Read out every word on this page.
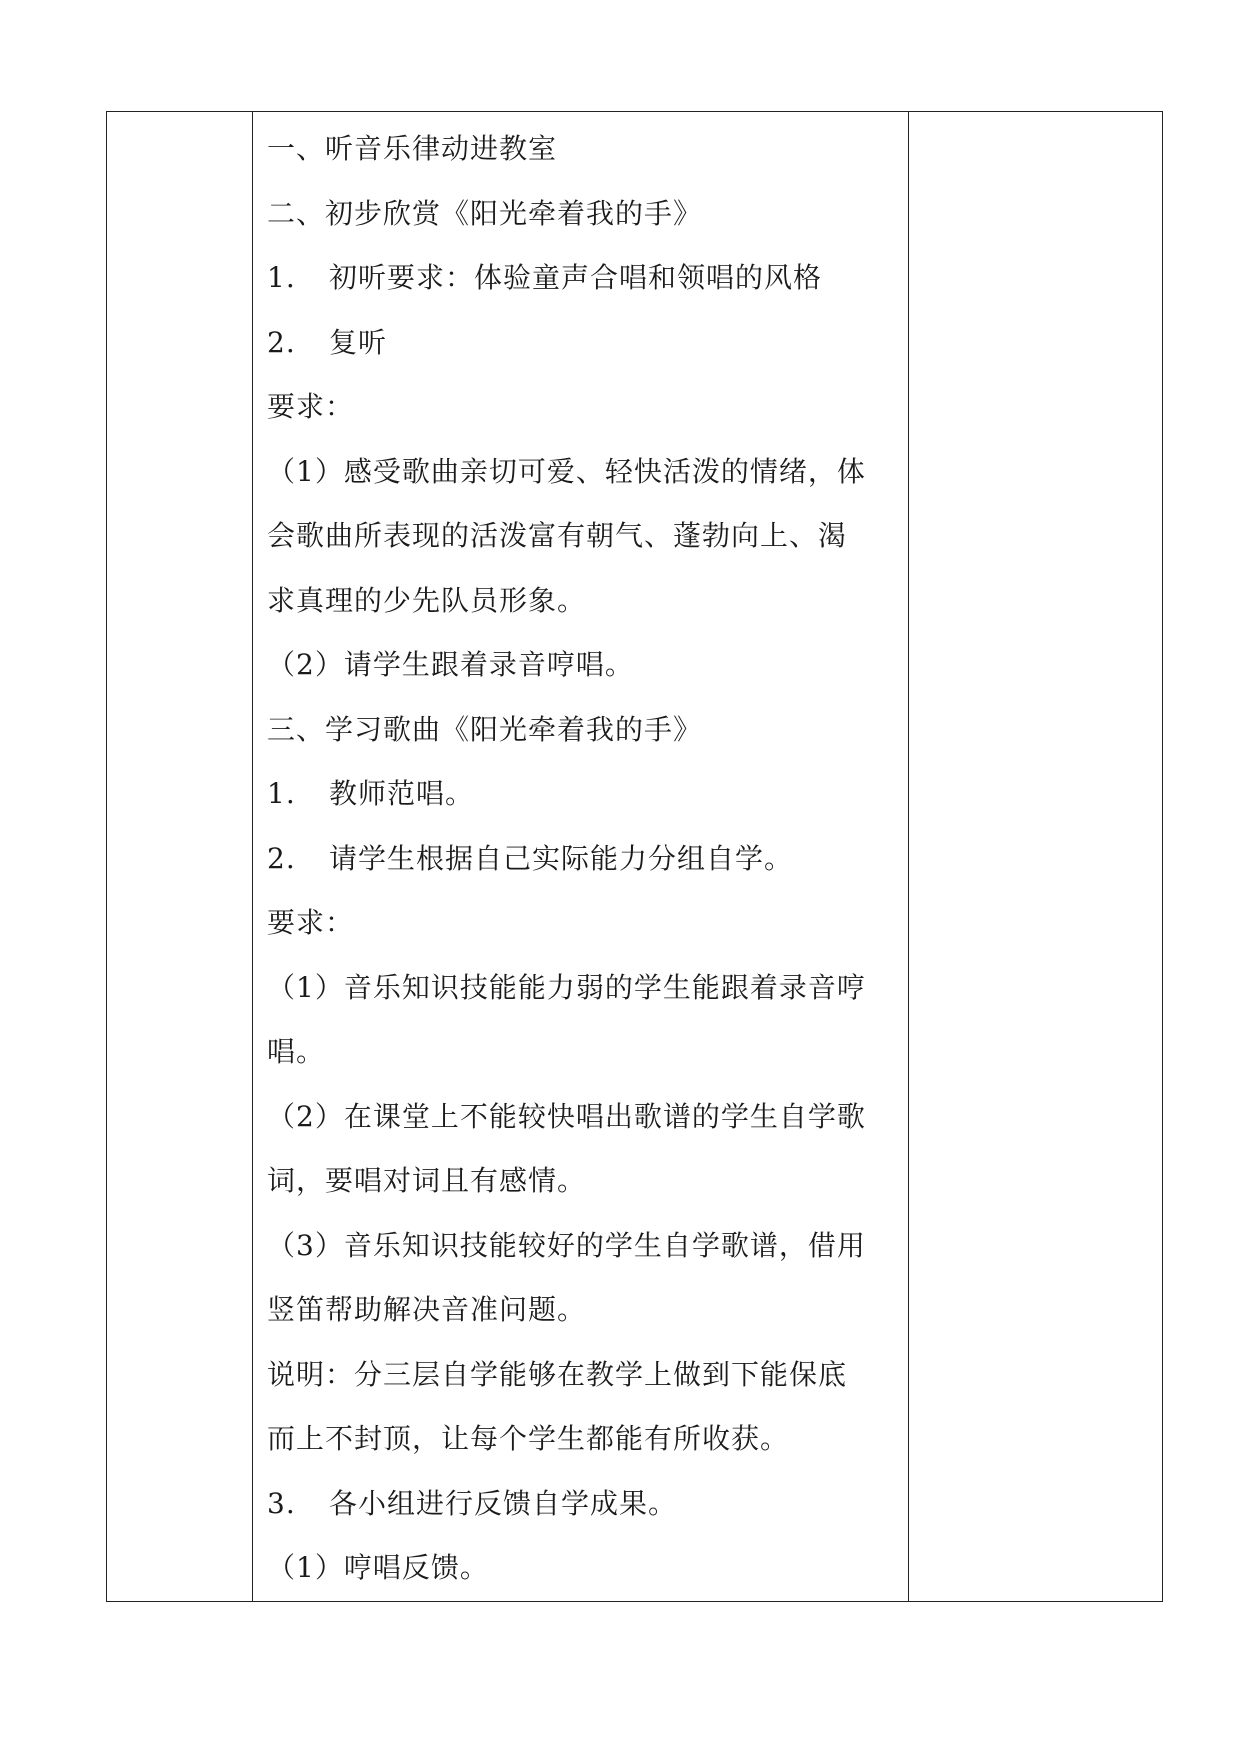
一、听音乐律动进教室
二、初步欣赏《阳光牵着我的手》
1. 初听要求：体验童声合唱和领唱的风格
2. 复听
要求：
（1）感受歌曲亲切可爱、轻快活泼的情绪，体
会歌曲所表现的活泼富有朝气、蓬勃向上、渴
求真理的少先队员形象。
（2）请学生跟着录音哼唱。
三、学习歌曲《阳光牵着我的手》
1. 教师范唱。
2. 请学生根据自己实际能力分组自学。
要求：
（1）音乐知识技能能力弱的学生能跟着录音哼
唱。
（2）在课堂上不能较快唱出歌谱的学生自学歌
词，要唱对词且有感情。
（3）音乐知识技能较好的学生自学歌谱，借用
竖笛帮助解决音准问题。
说明：分三层自学能够在教学上做到下能保底
而上不封顶，让每个学生都能有所收获。
3. 各小组进行反馈自学成果。
（1）哼唱反馈。
